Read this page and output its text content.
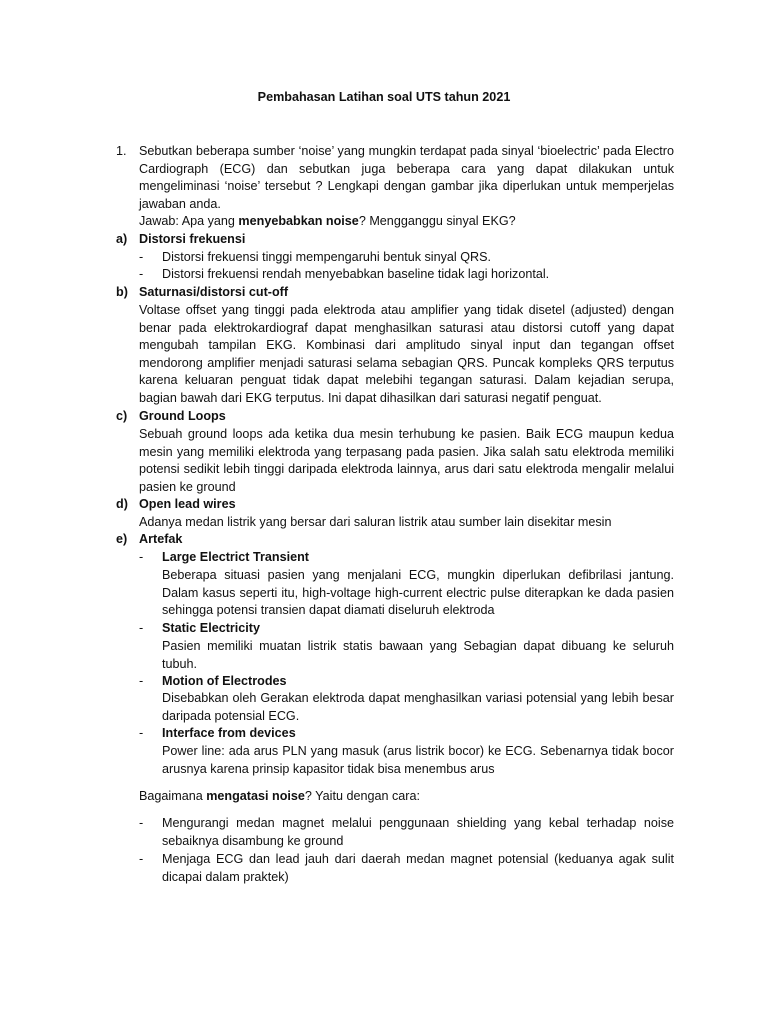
Pembahasan Latihan soal UTS tahun 2021
1. Sebutkan beberapa sumber ‘noise’ yang mungkin terdapat pada sinyal ‘bioelectric’ pada Electro Cardiograph (ECG) dan sebutkan juga beberapa cara yang dapat dilakukan untuk mengeliminasi ‘noise’ tersebut ? Lengkapi dengan gambar jika diperlukan untuk memperjelas jawaban anda.
Jawab: Apa yang menyebabkan noise? Mengganggu sinyal EKG?
a) Distorsi frekuensi
- Distorsi frekuensi tinggi mempengaruhi bentuk sinyal QRS.
- Distorsi frekuensi rendah menyebabkan baseline tidak lagi horizontal.
b) Saturnasi/distorsi cut-off
Voltase offset yang tinggi pada elektroda atau amplifier yang tidak disetel (adjusted) dengan benar pada elektrokardiograf dapat menghasilkan saturasi atau distorsi cutoff yang dapat mengubah tampilan EKG. Kombinasi dari amplitudo sinyal input dan tegangan offset mendorong amplifier menjadi saturasi selama sebagian QRS. Puncak kompleks QRS terputus karena keluaran penguat tidak dapat melebihi tegangan saturasi. Dalam kejadian serupa, bagian bawah dari EKG terputus. Ini dapat dihasilkan dari saturasi negatif penguat.
c) Ground Loops
Sebuah ground loops ada ketika dua mesin terhubung ke pasien. Baik ECG maupun kedua mesin yang memiliki elektroda yang terpasang pada pasien. Jika salah satu elektroda memiliki potensi sedikit lebih tinggi daripada elektroda lainnya, arus dari satu elektroda mengalir melalui pasien ke ground
d) Open lead wires
Adanya medan listrik yang bersar dari saluran listrik atau sumber lain disekitar mesin
e) Artefak
- Large Electrict Transient
Beberapa situasi pasien yang menjalani ECG, mungkin diperlukan defibrilasi jantung. Dalam kasus seperti itu, high-voltage high-current electric pulse diterapkan ke dada pasien sehingga potensi transien dapat diamati diseluruh elektroda
- Static Electricity
Pasien memiliki muatan listrik statis bawaan yang Sebagian dapat dibuang ke seluruh tubuh.
- Motion of Electrodes
Disebabkan oleh Gerakan elektroda dapat menghasilkan variasi potensial yang lebih besar daripada potensial ECG.
- Interface from devices
Power line: ada arus PLN yang masuk (arus listrik bocor) ke ECG. Sebenarnya tidak bocor arusnya karena prinsip kapasitor tidak bisa menembus arus
Bagaimana mengatasi noise? Yaitu dengan cara:
- Mengurangi medan magnet melalui penggunaan shielding yang kebal terhadap noise sebaiknya disambung ke ground
- Menjaga ECG dan lead jauh dari daerah medan magnet potensial (keduanya agak sulit dicapai dalam praktek)
